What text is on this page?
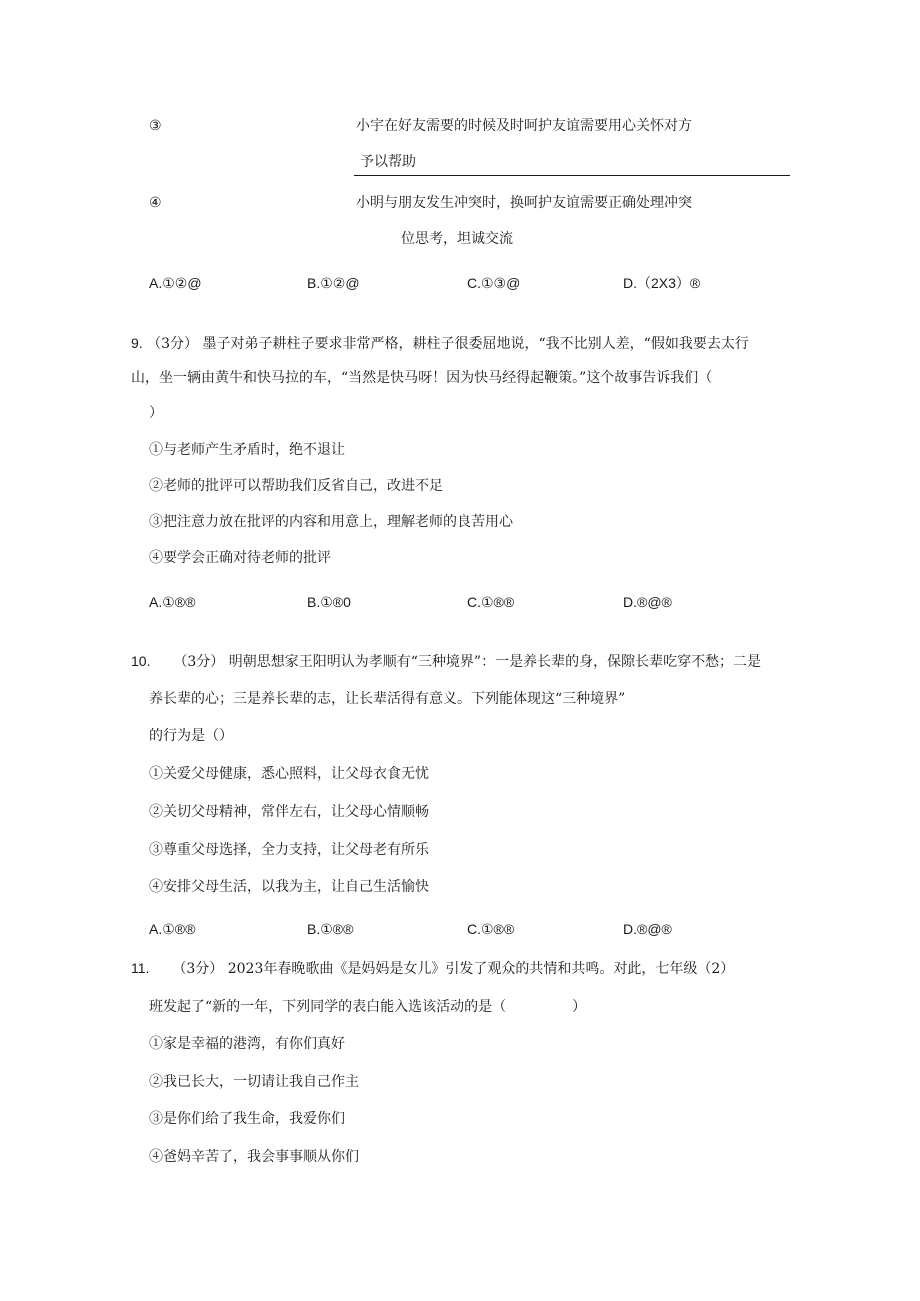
③	小宇在好友需要的时候及时呵护友谊需要用心关怀对方
予以帮助
④	小明与朋友发生冲突时，换呵护友谊需要正确处理冲突
位思考，坦诚交流
A.①②@	B.①②@	C.①③@	D.（2X3）®
9. （3分） 墨子对弟子耕柱子要求非常严格，耕柱子很委屈地说，“我不比别人差，“假如我要去太行
山，坐一辆由黄牛和快马拉的车，“当然是快马呀！因为快马经得起鞭策。”这个故事告诉我们（
）
①与老师产生矛盾时，绝不退让
②老师的批评可以帮助我们反省自己，改进不足
③把注意力放在批评的内容和用意上，理解老师的良苦用心
④要学会正确对待老师的批评
A.①®®	B.①®0	C.①®®	D.®@®
10. （3分） 明朝思想家王阳明认为孝顺有“三种境界”：一是养长辈的身，保隙长辈吃穿不愁；二是
养长辈的心；三是养长辈的志，让长辈活得有意义。下列能体现这“三种境界”
的行为是（）
①关爱父母健康，悉心照料，让父母衣食无忧
②关切父母精神，常伴左右，让父母心情顺畅
③尊重父母选择，全力支持，让父母老有所乐
④安排父母生活，以我为主，让自己生活愉快
A.①®®	B.①®®	C.①®®	D.®@®
11. （3分） 2023年春晚歌曲《是妈妈是女儿》引发了观众的共情和共鸣。对此，七年级（2）
班发起了“新的一年，下列同学的表白能入选该活动的是（	）
①家是幸福的港湾，有你们真好
②我已长大，一切请让我自己作主
③是你们给了我生命，我爱你们
④爸妈辛苦了，我会事事顺从你们
